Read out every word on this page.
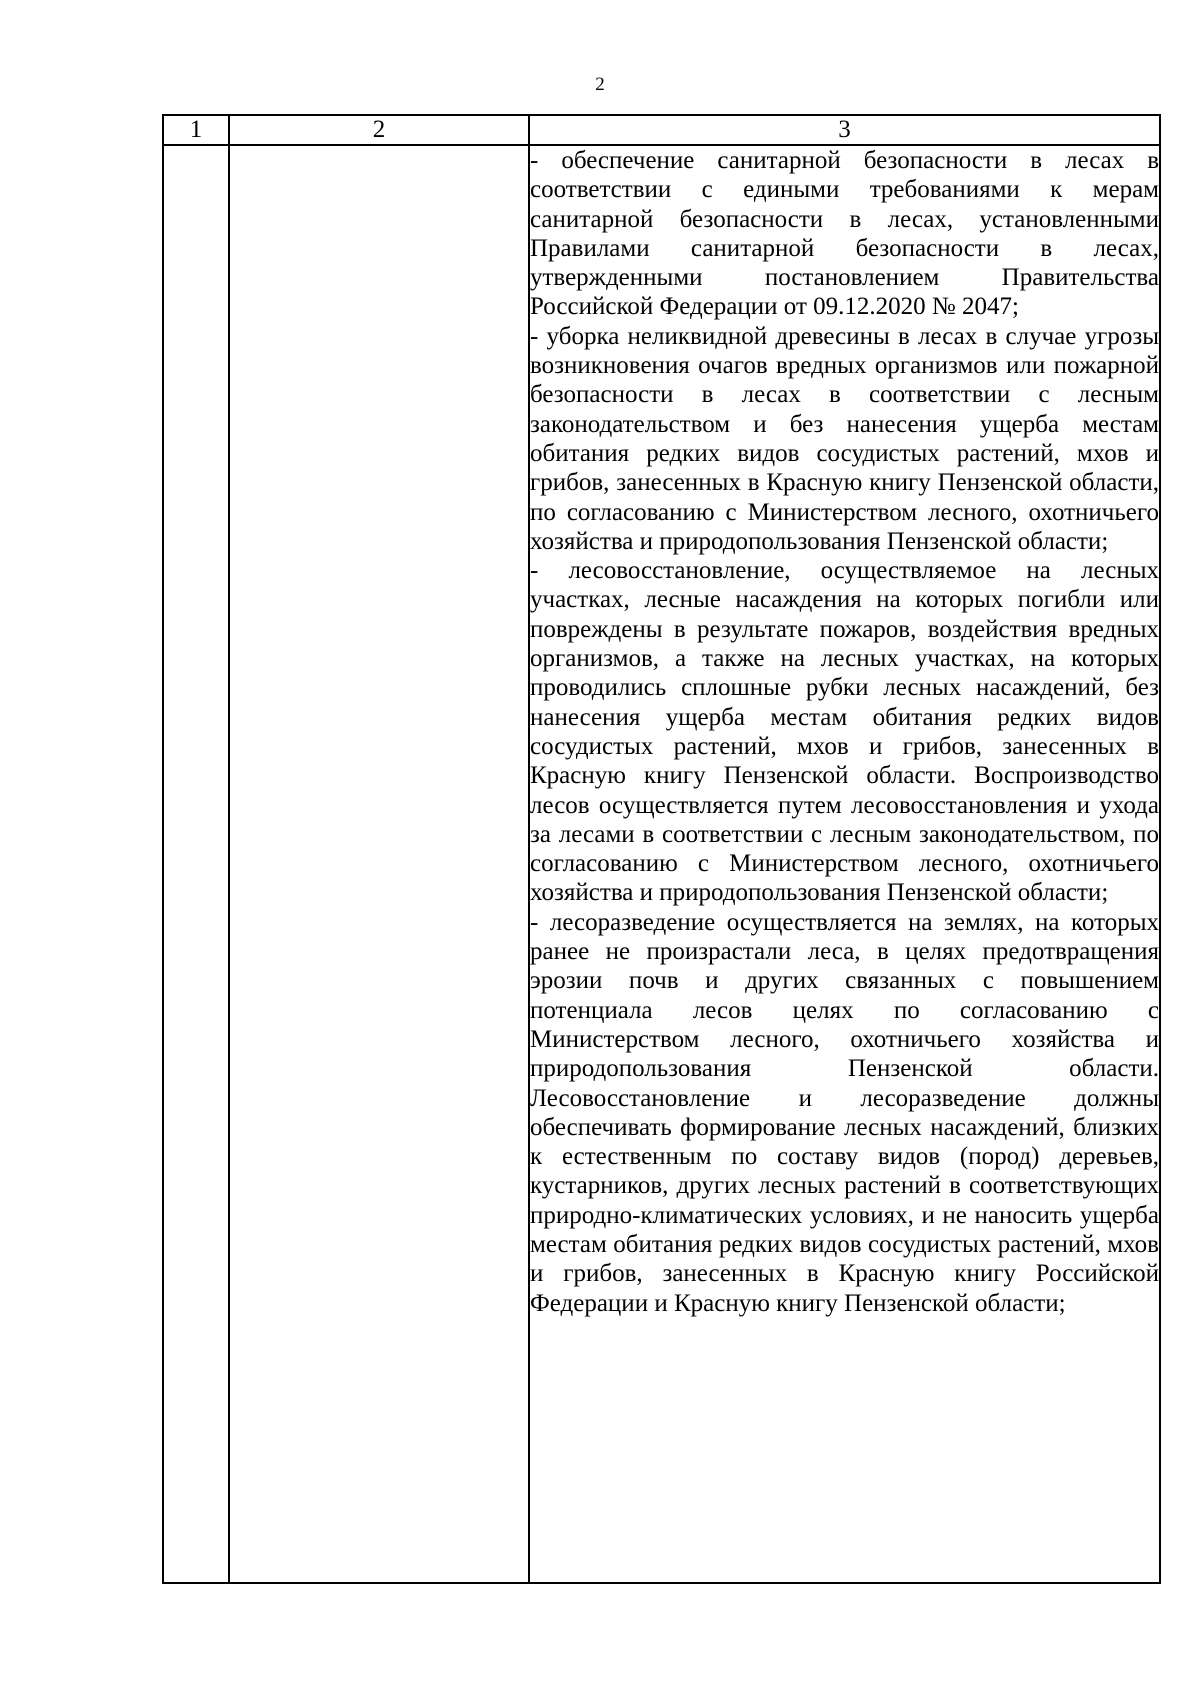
2
1	2	3

		- обеспечение санитарной безопасности в лесах в соответствии с едиными требованиями к мерам санитарной безопасности в лесах, установленными Правилами санитарной безопасности в лесах, утвержденными постановлением Правительства Российской Федерации от 09.12.2020 № 2047;

- уборка неликвидной древесины в лесах в случае угрозы возникновения очагов вредных организмов или пожарной безопасности в лесах в соответствии с лесным законодательством и без нанесения ущерба местам обитания редких видов сосудистых растений, мхов и грибов, занесенных в Красную книгу Пензенской области, по согласованию с Министерством лесного, охотничьего хозяйства и природопользования Пензенской области;

- лесовосстановление, осуществляемое на лесных участках, лесные насаждения на которых погибли или повреждены в результате пожаров, воздействия вредных организмов, а также на лесных участках, на которых проводились сплошные рубки лесных насаждений, без нанесения ущерба местам обитания редких видов сосудистых растений, мхов и грибов, занесенных в Красную книгу Пензенской области. Воспроизводство лесов осуществляется путем лесовосстановления и ухода за лесами в соответствии с лесным законодательством, по согласованию с Министерством лесного, охотничьего хозяйства и природопользования Пензенской области;

- лесоразведение осуществляется на землях, на которых ранее не произрастали леса, в целях предотвращения эрозии почв и других связанных с повышением потенциала лесов целях по согласованию с Министерством лесного, охотничьего хозяйства и природопользования Пензенской области. Лесовосстановление и лесоразведение должны обеспечивать формирование лесных насаждений, близких к естественным по составу видов (пород) деревьев, кустарников, других лесных растений в соответствующих природно-климатических условиях, и не наносить ущерба местам обитания редких видов сосудистых растений, мхов и грибов, занесенных в Красную книгу Российской Федерации и Красную книгу Пензенской области;
